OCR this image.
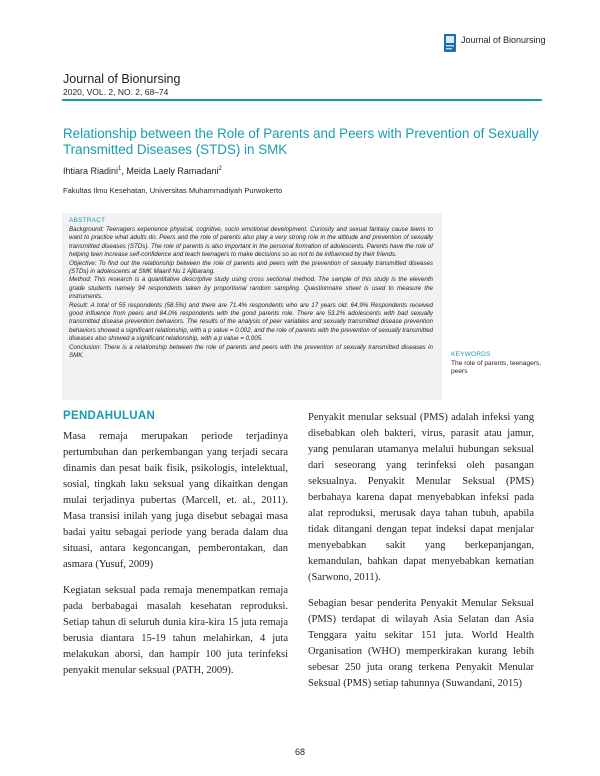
Journal of Bionursing
Journal of Bionursing
2020, VOL. 2, NO. 2, 68–74
Relationship between the Role of Parents and Peers with Prevention of Sexually Transmitted Diseases (STDS) in SMK
Ihtiara Riadini$^1$, Meida Laely Ramadani$^2$
Fakultas Ilmu Kesehatan, Universitas Muhammadiyah Purwokerto
ABSTRACT

Background: Teenagers experience physical, cognitive, socio emotional development. Curiosity and sexual fantasy cause teens to want to practice what adults do. Peers and the role of parents also play a very strong role in the attitude and prevention of sexually transmitted diseases (STDs). The role of parents is also important in the personal formation of adolescents. Parents have the role of helping teen increase self-confidence and teach teenagers to make decisions so as not to be influenced by their friends.

Objective: To find out the relationship between the role of parents and peers with the prevention of sexually transmitted diseases (STDs) in adolescents at SMK Maarif Nu 1 Ajibarang.

Method: This research is a quantitative descriptive study using cross sectional method. The sample of this study is the eleventh grade students namely 94 respondents taken by proportional random sampling. Questionnaire sheet is used to measure the instruments.

Result: A total of 55 respondents (58.5%) and there are 71.4% respondents who are 17 years old. 64.9% Respondents received good influence from peers and 84.0% respondents with the good parents role. There are 53.2% adolescents with bad sexually transmitted disease prevention behaviors. The results of the analysis of peer variables and sexually transmitted disease prevention behaviors showed a significant relationship, with a p value = 0.002, and the role of parents with the prevention of sexually transmitted diseases also showed a significant relationship, with a p value = 0.005.

Conclusion: There is a relationship between the role of parents and peers with the prevention of sexually transmitted diseases in SMK.	KEYWORDS
The role of parents, teenagers, peers
PENDAHULUAN

Masa remaja merupakan periode terjadinya pertumbuhan dan perkembangan yang terjadi secara dinamis dan pesat baik fisik, psikologis, intelektual, sosial, tingkah laku seksual yang dikaitkan dengan mulai terjadinya pubertas (Marcell, et. al., 2011). Masa transisi inilah yang juga disebut sebagai masa badai yaitu sebagai periode yang berada dalam dua situasi, antara kegoncangan, pemberontakan, dan asmara (Yusuf, 2009)

Kegiatan seksual pada remaja menempatkan remaja pada berbabagai masalah kesehatan reproduksi. Setiap tahun di seluruh dunia kira-kira 15 juta remaja berusia diantara 15-19 tahun melahirkan, 4 juta melakukan aborsi, dan hampir 100 juta terinfeksi penyakit menular seksual (PATH, 2009).

Penyakit menular seksual (PMS) adalah infeksi yang disebabkan oleh bakteri, virus, parasit atau jamur, yang penularan utamanya melalui hubungan seksual dari seseorang yang terinfeksi oleh pasangan seksualnya. Penyakit Menular Seksual (PMS) berbahaya karena dapat menyebabkan infeksi pada alat reproduksi, merusak daya tahan tubuh, apabila tidak ditangani dengan tepat indeksi dapat menjalar menyebabkan sakit yang berkepanjangan, kemandulan, bahkan dapat menyebabkan kematian (Sarwono, 2011).

Sebagian besar penderita Penyakit Menular Seksual (PMS) terdapat di wilayah Asia Selatan dan Asia Tenggara yaitu sekitar 151 juta. World Health Organisation (WHO) memperkirakan kurang lebih sebesar 250 juta orang terkena Penyakit Menular Seksual (PMS) setiap tahunnya (Suwandani, 2015)

68
